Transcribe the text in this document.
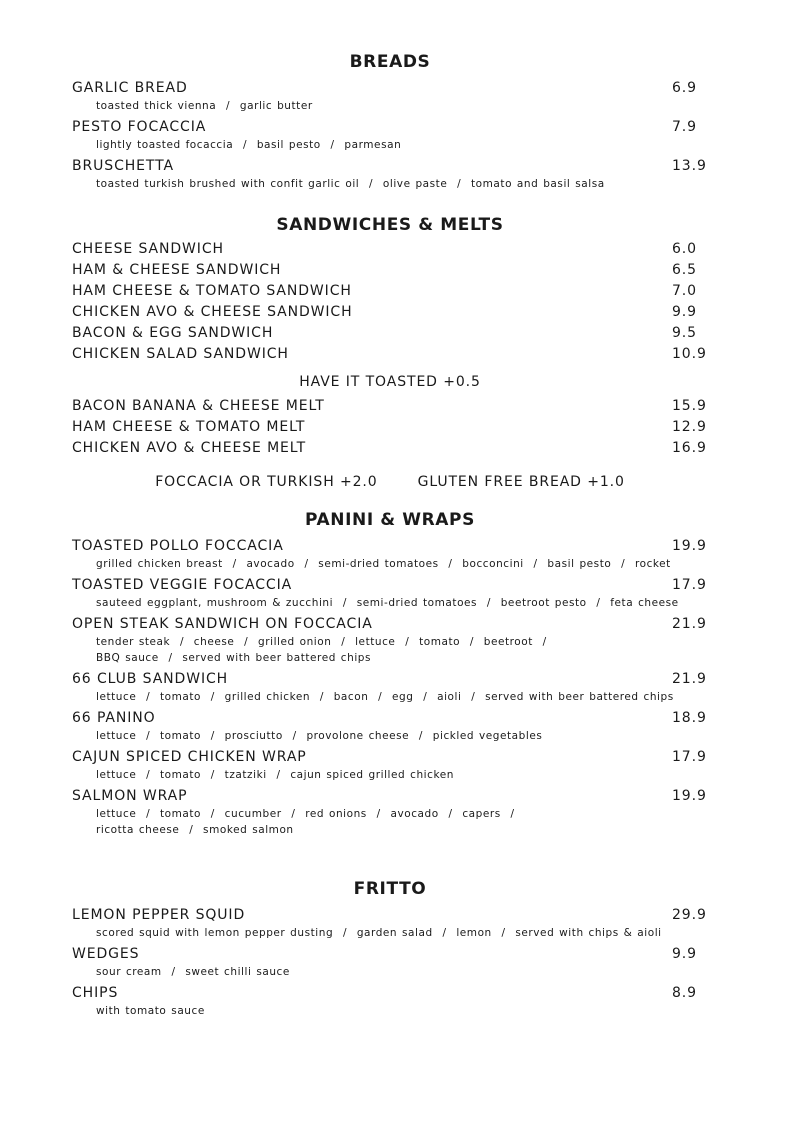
BREADS
GARLIC BREAD	6.9
toasted thick vienna  /  garlic butter
PESTO FOCACCIA	7.9
lightly toasted focaccia  /  basil pesto  /  parmesan
BRUSCHETTA	13.9
toasted turkish brushed with confit garlic oil  /  olive paste  /  tomato and basil salsa
SANDWICHES & MELTS
CHEESE SANDWICH	6.0
HAM & CHEESE SANDWICH	6.5
HAM CHEESE & TOMATO SANDWICH	7.0
CHICKEN AVO & CHEESE SANDWICH	9.9
BACON & EGG SANDWICH	9.5
CHICKEN SALAD SANDWICH	10.9
HAVE IT TOASTED +0.5
BACON BANANA & CHEESE MELT	15.9
HAM CHEESE & TOMATO MELT	12.9
CHICKEN AVO & CHEESE MELT	16.9
FOCCACIA OR TURKISH +2.0	GLUTEN FREE BREAD +1.0
PANINI & WRAPS
TOASTED POLLO FOCCACIA	19.9
grilled chicken breast  /  avocado  /  semi-dried tomatoes  /  bocconcini  /  basil pesto  /  rocket
TOASTED VEGGIE FOCACCIA	17.9
sauteed eggplant, mushroom & zucchini  /  semi-dried tomatoes  /  beetroot pesto  /  feta cheese
OPEN STEAK SANDWICH ON FOCCACIA	21.9
tender steak  /  cheese  /  grilled onion  /  lettuce  /  tomato  /  beetroot  /
BBQ sauce  /  served with beer battered chips
66 CLUB SANDWICH	21.9
lettuce  /  tomato  /  grilled chicken  /  bacon  /  egg  /  aioli  /  served with beer battered chips
66 PANINO	18.9
lettuce  /  tomato  /  prosciutto  /  provolone cheese  /  pickled vegetables
CAJUN SPICED CHICKEN WRAP	17.9
lettuce  /  tomato  /  tzatziki  /  cajun spiced grilled chicken
SALMON WRAP	19.9
lettuce  /  tomato  /  cucumber  /  red onions  /  avocado  /  capers  /
ricotta cheese  /  smoked salmon
FRITTO
LEMON PEPPER SQUID	29.9
scored squid with lemon pepper dusting  /  garden salad  /  lemon  /  served with chips & aioli
WEDGES	9.9
sour cream  /  sweet chilli sauce
CHIPS	8.9
with tomato sauce
